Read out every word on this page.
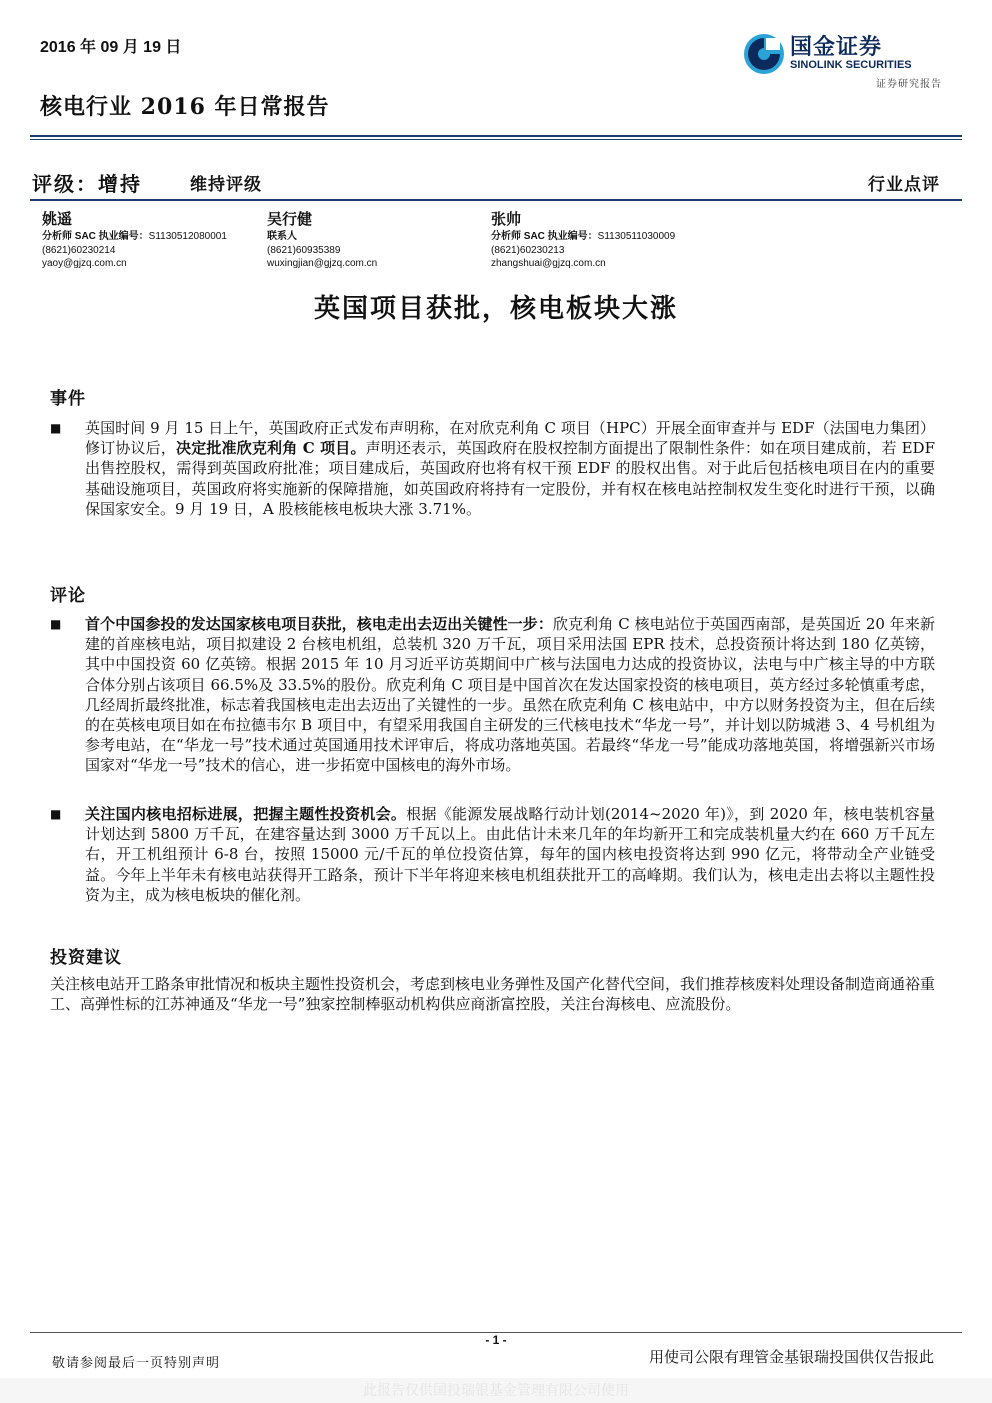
2016 年 09 月 19 日
核电行业 2016 年日常报告
国金证券
SINOLINK SECURITIES
证券研究报告
评级：增持	维持评级	行业点评
姚遥
分析师 SAC 执业编号：S1130512080001
(8621)60230214
yaoy@gjzq.com.cn
吴行健
联系人
(8621)60935389
wuxingjian@gjzq.com.cn
张帅
分析师 SAC 执业编号：S1130511030009
(8621)60230213
zhangshuai@gjzq.com.cn
英国项目获批，核电板块大涨
事件
■ 英国时间 9 月 15 日上午，英国政府正式发布声明称，在对欣克利角 C 项目（HPC）开展全面审查并与 EDF（法国电力集团）修订协议后，决定批准欣克利角 C 项目。声明还表示，英国政府在股权控制方面提出了限制性条件：如在项目建成前，若 EDF 出售控股权，需得到英国政府批准；项目建成后，英国政府也将有权干预 EDF 的股权出售。对于此后包括核电项目在内的重要基础设施项目，英国政府将实施新的保障措施，如英国政府将持有一定股份，并有权在核电站控制权发生变化时进行干预，以确保国家安全。9 月 19 日，A 股核能核电板块大涨 3.71%。
评论
■ 首个中国参投的发达国家核电项目获批，核电走出去迈出关键性一步：欣克利角 C 核电站位于英国西南部，是英国近 20 年来新建的首座核电站，项目拟建设 2 台核电机组，总装机 320 万千瓦，项目采用法国 EPR 技术，总投资预计将达到 180 亿英镑，其中中国投资 60 亿英镑。根据 2015 年 10 月习近平访英期间中广核与法国电力达成的投资协议，法电与中广核主导的中方联合体分别占该项目 66.5%及 33.5%的股份。欣克利角 C 项目是中国首次在发达国家投资的核电项目，英方经过多轮慎重考虑，几经周折最终批准，标志着我国核电走出去迈出了关键性的一步。虽然在欣克利角 C 核电站中，中方以财务投资为主，但在后续的在英核电项目如在布拉德韦尔 B 项目中，有望采用我国自主研发的三代核电技术“华龙一号”，并计划以防城港 3、4 号机组为参考电站，在“华龙一号”技术通过英国通用技术评审后，将成功落地英国。若最终“华龙一号”能成功落地英国，将增强新兴市场国家对“华龙一号”技术的信心，进一步拓宽中国核电的海外市场。
■ 关注国内核电招标进展，把握主题性投资机会。根据《能源发展战略行动计划(2014~2020 年)》，到 2020 年，核电装机容量计划达到 5800 万千瓦，在建容量达到 3000 万千瓦以上。由此估计未来几年的年均新开工和完成装机量大约在 660 万千瓦左右，开工机组预计 6-8 台，按照 15000 元/千瓦的单位投资估算，每年的国内核电投资将达到 990 亿元，将带动全产业链受益。今年上半年未有核电站获得开工路条，预计下半年将迎来核电机组获批开工的高峰期。我们认为，核电走出去将以主题性投资为主，成为核电板块的催化剂。
投资建议
关注核电站开工路条审批情况和板块主题性投资机会，考虑到核电业务弹性及国产化替代空间，我们推荐核废料处理设备制造商通裕重工、高弹性标的江苏神通及“华龙一号”独家控制棒驱动机构供应商浙富控股，关注台海核电、应流股份。
- 1 -
敬请参阅最后一页特别声明	用使司公限有理管金基银瑞投国供仅告报此
此报告仅供国投瑞银基金管理有限公司使用
